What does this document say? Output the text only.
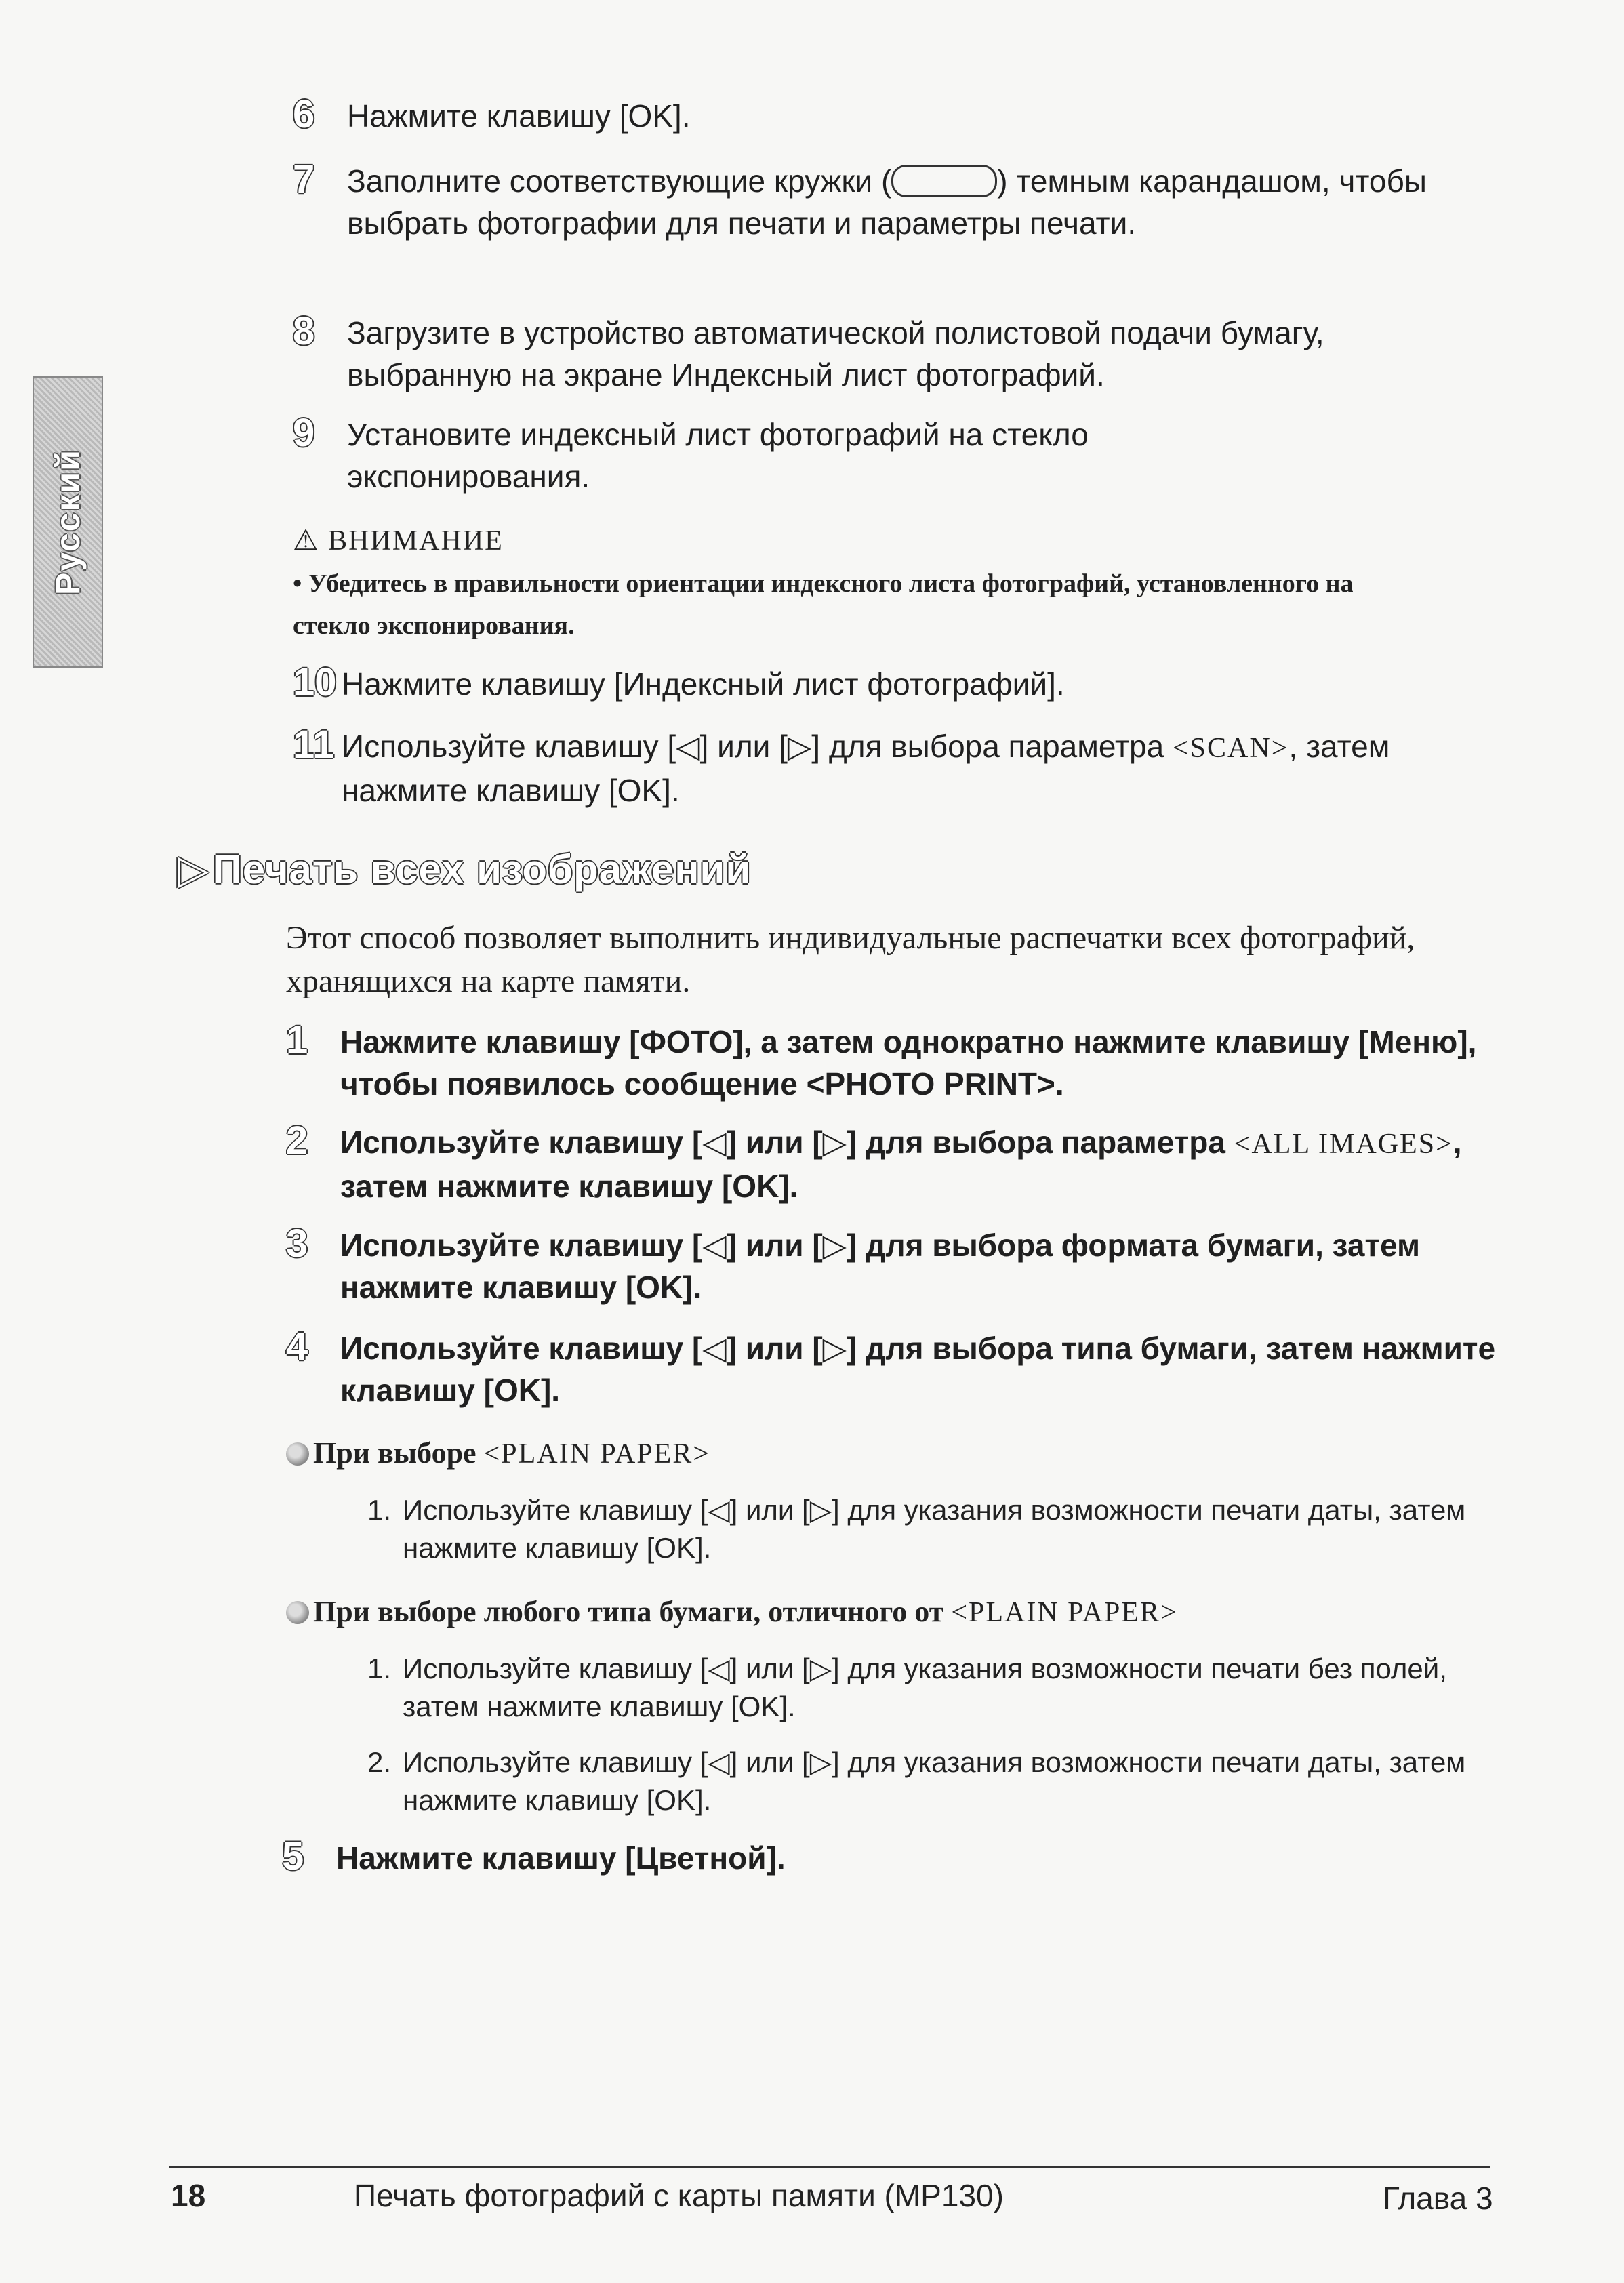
Русский
6	Нажмите клавишу [OK].
7	Заполните соответствующие кружки (	) темным карандашом, чтобы выбрать фотографии для печати и параметры печати.
8	Загрузите в устройство автоматической полистовой подачи бумагу, выбранную на экране Индексный лист фотографий.
9	Установите индексный лист фотографий на стекло экспонирования.
⚠ ВНИМАНИЕ
• Убедитесь в правильности ориентации индексного листа фотографий, установленного на стекло экспонирования.
10 Нажмите клавишу [Индексный лист фотографий].
11 Используйте клавишу [◁] или [▷] для выбора параметра <SCAN>, затем нажмите клавишу [OK].
▷ Печать всех изображений
Этот способ позволяет выполнить индивидуальные распечатки всех фотографий, хранящихся на карте памяти.
1	Нажмите клавишу [ФОТО], а затем однократно нажмите клавишу [Меню], чтобы появилось сообщение <PHOTO PRINT>.
2	Используйте клавишу [◁] или [▷] для выбора параметра <ALL IMAGES>, затем нажмите клавишу [OK].
3	Используйте клавишу [◁] или [▷] для выбора формата бумаги, затем нажмите клавишу [OK].
4	Используйте клавишу [◁] или [▷] для выбора типа бумаги, затем нажмите клавишу [OK].
При выборе <PLAIN PAPER>
1. Используйте клавишу [◁] или [▷] для указания возможности печати даты, затем нажмите клавишу [OK].
При выборе любого типа бумаги, отличного от <PLAIN PAPER>
1. Используйте клавишу [◁] или [▷] для указания возможности печати без полей, затем нажмите клавишу [OK].
2. Используйте клавишу [◁] или [▷] для указания возможности печати даты, затем нажмите клавишу [OK].
5	Нажмите клавишу [Цветной].
18	Печать фотографий с карты памяти (MP130)	Глава 3
